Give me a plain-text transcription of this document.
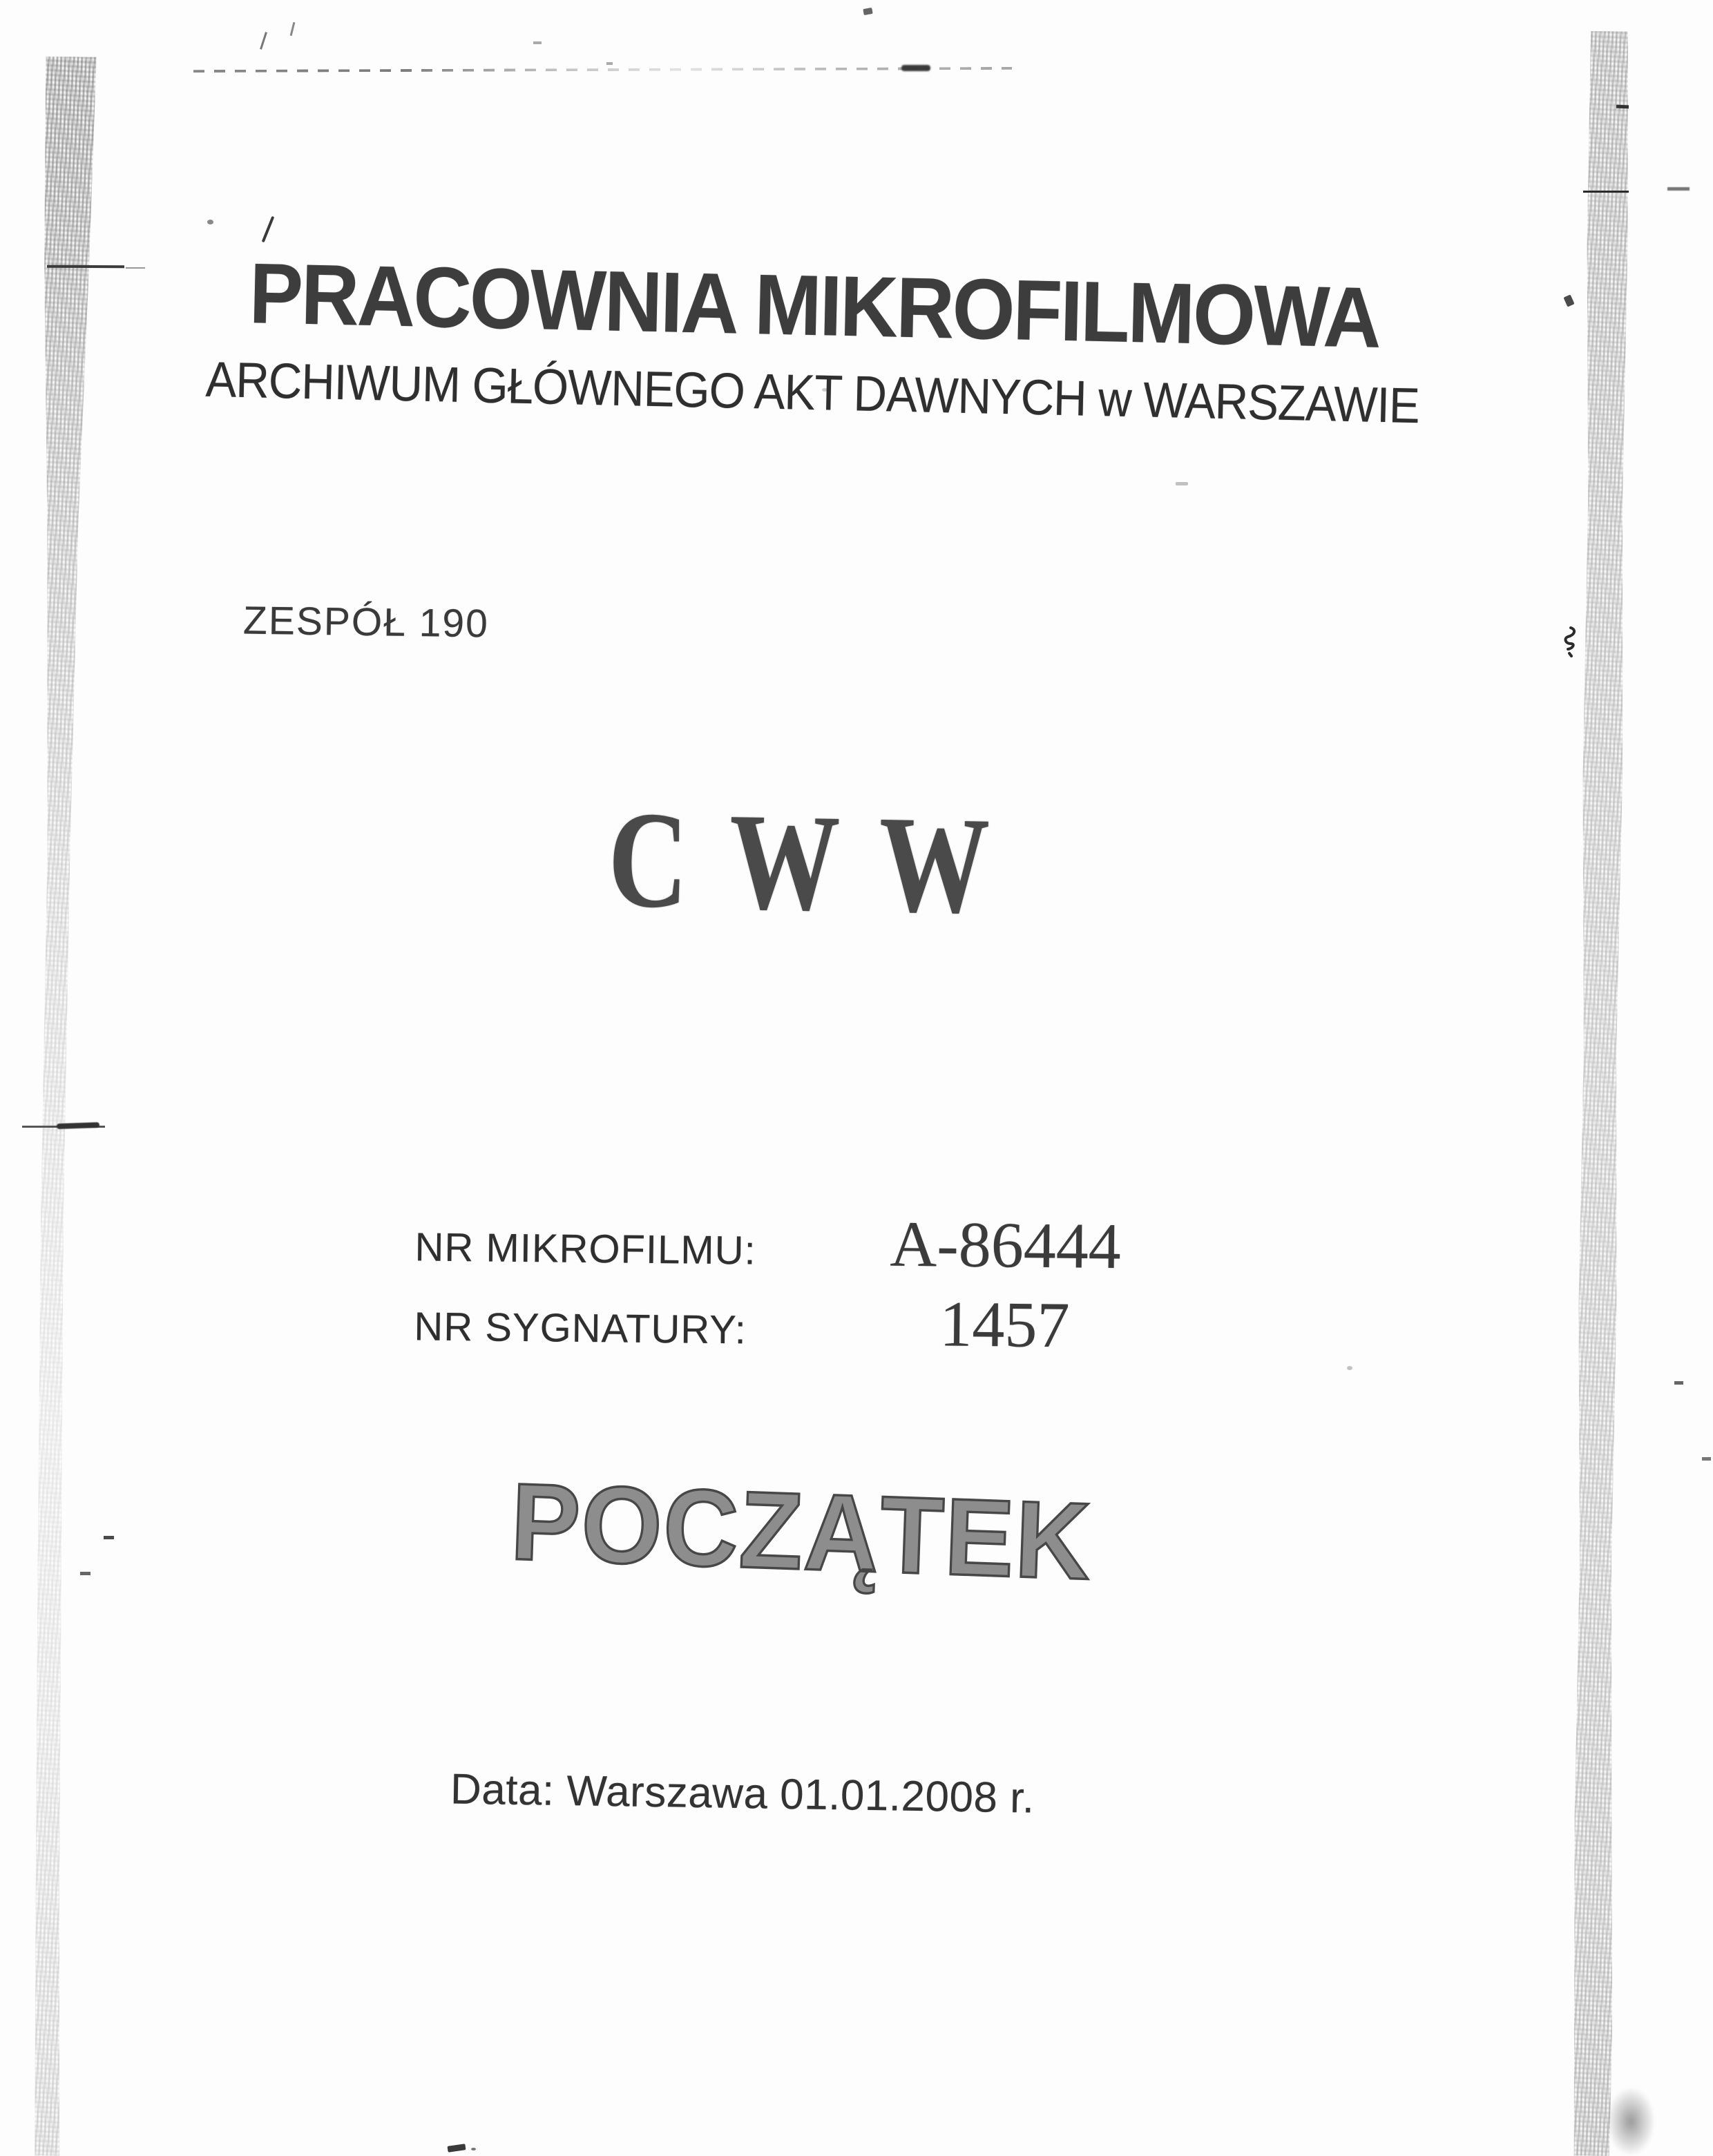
PRACOWNIA MIKROFILMOWA
ARCHIWUM GŁÓWNEGO AKT DAWNYCH w WARSZAWIE
ZESPÓŁ 190
C W W
NR MIKROFILMU:	A-86444
NR SYGNATURY:	1457
POCZĄTEK
Data: Warszawa 01.01.2008 r.
